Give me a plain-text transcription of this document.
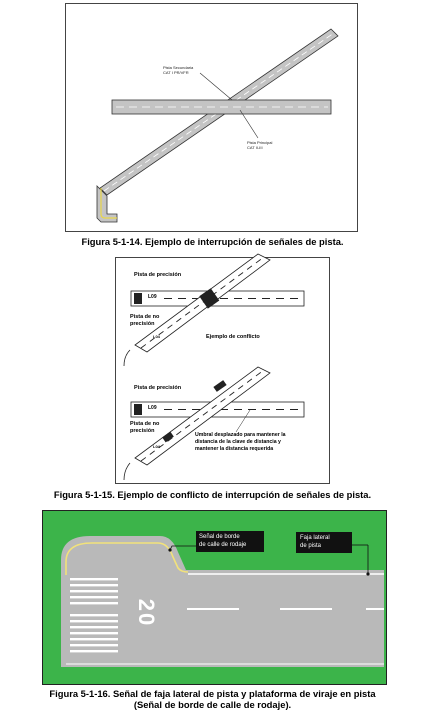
Pista Secundaria
CAT I PR/VFR
Pista Principal
CAT II-III
Figura 5-1-14. Ejemplo de interrupción de señales de pista.
L09
L09
L04
L04
Pista de precisión
Pista de no
precisión
Ejemplo de conflicto
Pista de precisión
Pista de no
precisión
Umbral desplazado para mantener la
distancia de la clave de distancia y
mantener la distancia requerida
Figura 5-1-15. Ejemplo de conflicto de interrupción de señales de pista.
20
Señal de borde
de calle de rodaje
Faja lateral
de pista
Figura 5-1-16. Señal de faja lateral de pista y plataforma de viraje en pista
(Señal de borde de calle de rodaje).
